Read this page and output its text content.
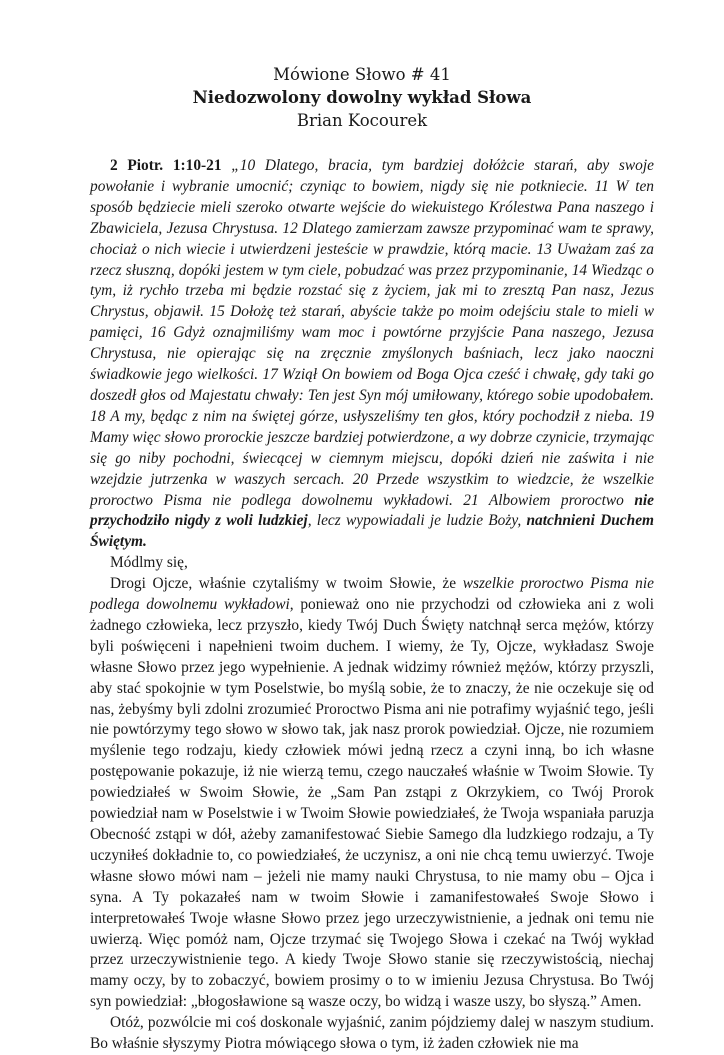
Mówione Słowo # 41
Niedozwolony dowolny wykład Słowa
Brian Kocourek

2 Piotr. 1:10-21 „10 Dlatego, bracia, tym bardziej dołóżcie starań, aby swoje powołanie i wybranie umocnić; czyniąc to bowiem, nigdy się nie potkniecie. 11 W ten sposób będziecie mieli szeroko otwarte wejście do wiekuistego Królestwa Pana naszego i Zbawiciela, Jezusa Chrystusa. 12 Dlatego zamierzam zawsze przypominać wam te sprawy, chociaż o nich wiecie i utwierdzeni jesteście w prawdzie, którą macie. 13 Uważam zaś za rzecz słuszną, dopóki jestem w tym ciele, pobudzać was przez przypominanie, 14 Wiedząc o tym, iż rychło trzeba mi będzie rozstać się z życiem, jak mi to zresztą Pan nasz, Jezus Chrystus, objawił. 15 Dołożę też starań, abyście także po moim odejściu stale to mieli w pamięci, 16 Gdyż oznajmiliśmy wam moc i powtórne przyjście Pana naszego, Jezusa Chrystusa, nie opierając się na zręcznie zmyślonych baśniach, lecz jako naoczni świadkowie jego wielkości. 17 Wziął On bowiem od Boga Ojca cześć i chwałę, gdy taki go doszedł głos od Majestatu chwały: Ten jest Syn mój umiłowany, którego sobie upodobałem. 18 A my, będąc z nim na świętej górze, usłyszeliśmy ten głos, który pochodził z nieba. 19 Mamy więc słowo prorockie jeszcze bardziej potwierdzone, a wy dobrze czynicie, trzymając się go niby pochodni, świecącej w ciemnym miejscu, dopóki dzień nie zaświta i nie wzejdzie jutrzenka w waszych sercach. 20 Przede wszystkim to wiedzcie, że wszelkie proroctwo Pisma nie podlega dowolnemu wykładowi. 21 Albowiem proroctwo nie przychodziło nigdy z woli ludzkiej, lecz wypowiadali je ludzie Boży, natchnieni Duchem Świętym.

Módlmy się,

Drogi Ojcze, właśnie czytaliśmy w twoim Słowie, że wszelkie proroctwo Pisma nie podlega dowolnemu wykładowi, ponieważ ono nie przychodzi od człowieka ani z woli żadnego człowieka, lecz przyszło, kiedy Twój Duch Święty natchnął serca mężów, którzy byli poświęceni i napełnieni twoim duchem. I wiemy, że Ty, Ojcze, wykładasz Swoje własne Słowo przez jego wypełnienie. A jednak widzimy również mężów, którzy przyszli, aby stać spokojnie w tym Poselstwie, bo myślą sobie, że to znaczy, że nie oczekuje się od nas, żebyśmy byli zdolni zrozumieć Proroctwo Pisma ani nie potrafimy wyjaśnić tego, jeśli nie powtórzymy tego słowo w słowo tak, jak nasz prorok powiedział. Ojcze, nie rozumiem myślenie tego rodzaju, kiedy człowiek mówi jedną rzecz a czyni inną, bo ich własne postępowanie pokazuje, iż nie wierzą temu, czego nauczałeś właśnie w Twoim Słowie. Ty powiedziałeś w Swoim Słowie, że „Sam Pan zstąpi z Okrzykiem, co Twój Prorok powiedział nam w Poselstwie i w Twoim Słowie powiedziałeś, że Twoja wspaniała paruzja Obecność zstąpi w dół, ażeby zamanifestować Siebie Samego dla ludzkiego rodzaju, a Ty uczyniłeś dokładnie to, co powiedziałeś, że uczynisz, a oni nie chcą temu uwierzyć. Twoje własne słowo mówi nam – jeżeli nie mamy nauki Chrystusa, to nie mamy obu – Ojca i syna. A Ty pokazałeś nam w twoim Słowie i zamanifestowałeś Swoje Słowo i interpretowałeś Twoje własne Słowo przez jego urzeczywistnienie, a jednak oni temu nie uwierzą. Więc pomóż nam, Ojcze trzymać się Twojego Słowa i czekać na Twój wykład przez urzeczywistnienie tego. A kiedy Twoje Słowo stanie się rzeczywistością, niechaj mamy oczy, by to zobaczyć, bowiem prosimy o to w imieniu Jezusa Chrystusa. Bo Twój syn powiedział: „błogosławione są wasze oczy, bo widzą i wasze uszy, bo słyszą.” Amen.

Otóż, pozwólcie mi coś doskonale wyjaśnić, zanim pójdziemy dalej w naszym studium. Bo właśnie słyszymy Piotra mówiącego słowa o tym, iż żaden człowiek nie ma
